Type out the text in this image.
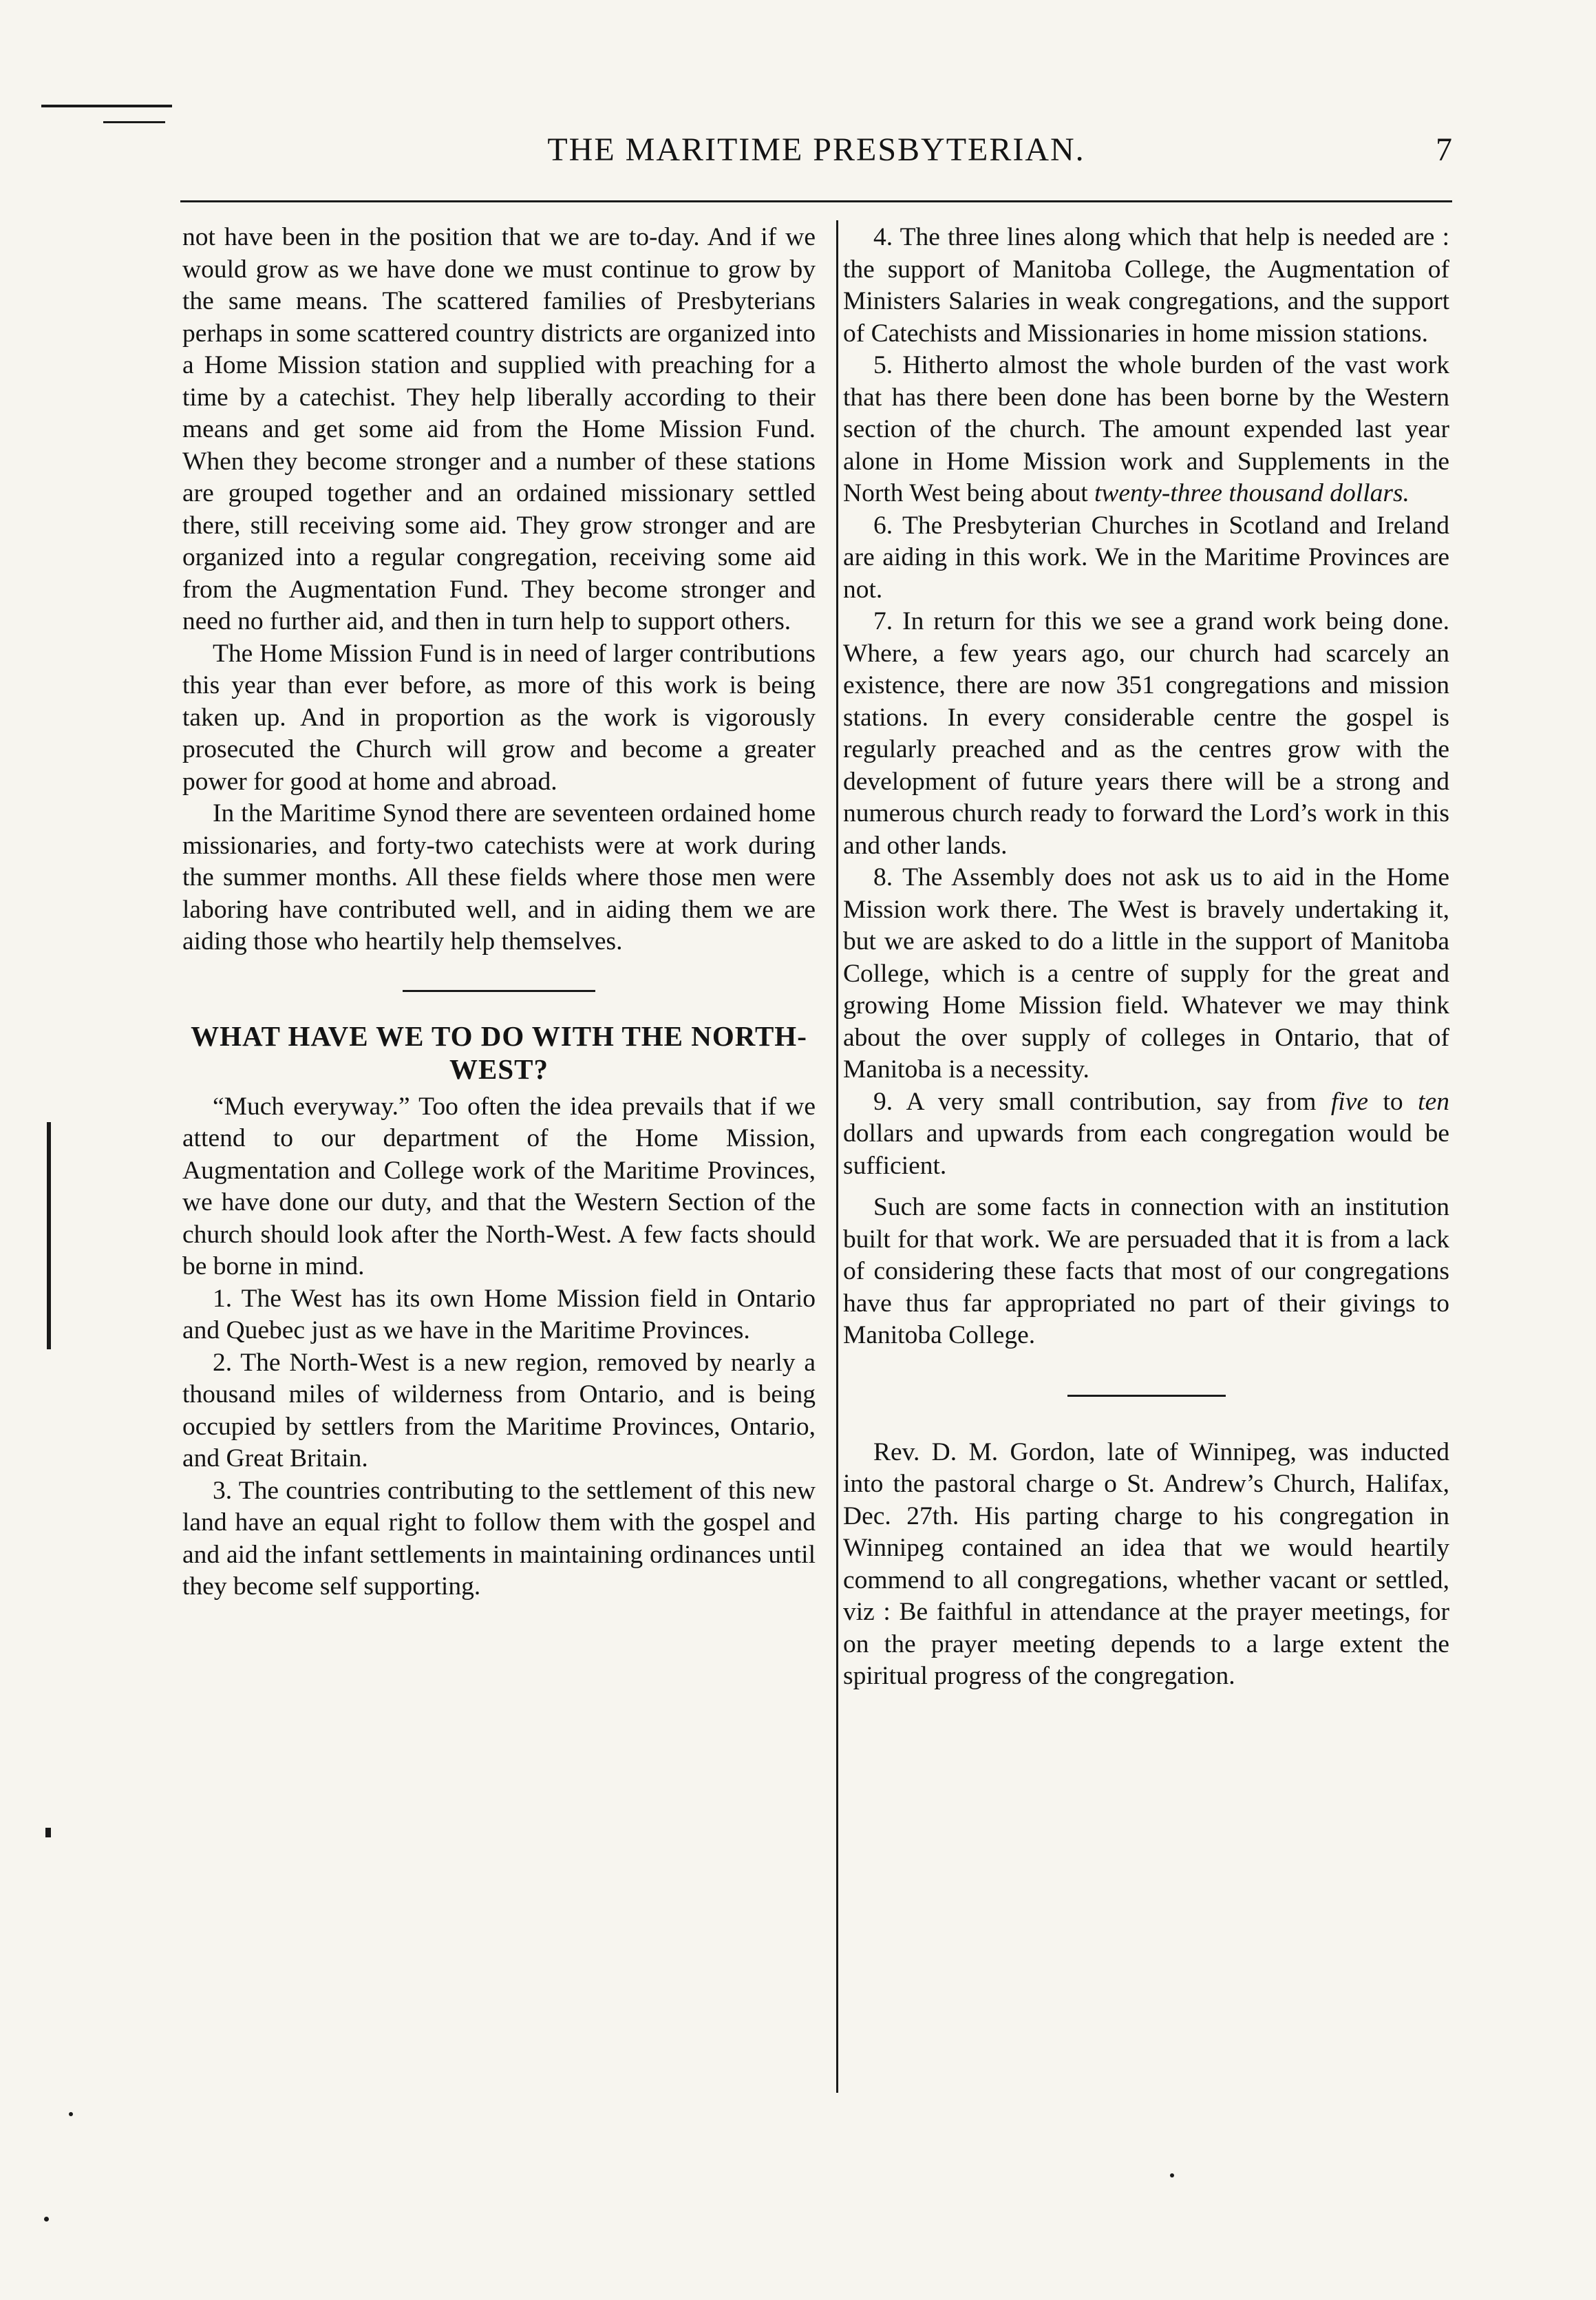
THE MARITIME PRESBYTERIAN.	7

not have been in the position that we are to-day. And if we would grow as we have done we must continue to grow by the same means. The scattered families of Presbyterians perhaps in some scattered country districts are organized into a Home Mission station and supplied with preaching for a time by a catechist. They help liberally according to their means and get some aid from the Home Mission Fund. When they become stronger and a number of these stations are grouped together and an ordained missionary settled there, still receiving some aid. They grow stronger and are organized into a regular congregation, receiving some aid from the Augmentation Fund. They become stronger and need no further aid, and then in turn help to support others.

The Home Mission Fund is in need of larger contributions this year than ever before, as more of this work is being taken up. And in proportion as the work is vigorously prosecuted the Church will grow and become a greater power for good at home and abroad.

In the Maritime Synod there are seventeen ordained home missionaries, and forty-two catechists were at work during the summer months. All these fields where those men were laboring have contributed well, and in aiding them we are aiding those who heartily help themselves.

WHAT HAVE WE TO DO WITH THE NORTH-WEST?

“Much everyway.” Too often the idea prevails that if we attend to our department of the Home Mission, Augmentation and College work of the Maritime Provinces, we have done our duty, and that the Western Section of the church should look after the North-West. A few facts should be borne in mind.

1. The West has its own Home Mission field in Ontario and Quebec just as we have in the Maritime Provinces.

2. The North-West is a new region, removed by nearly a thousand miles of wilderness from Ontario, and is being occupied by settlers from the Maritime Provinces, Ontario, and Great Britain.

3. The countries contributing to the settlement of this new land have an equal right to follow them with the gospel and and aid the infant settlements in maintaining ordinances until they become self supporting.

4. The three lines along which that help is needed are : the support of Manitoba College, the Augmentation of Ministers Salaries in weak congregations, and the support of Catechists and Missionaries in home mission stations.

5. Hitherto almost the whole burden of the vast work that has there been done has been borne by the Western section of the church. The amount expended last year alone in Home Mission work and Supplements in the North West being about twenty-three thousand dollars.

6. The Presbyterian Churches in Scotland and Ireland are aiding in this work. We in the Maritime Provinces are not.

7. In return for this we see a grand work being done. Where, a few years ago, our church had scarcely an existence, there are now 351 congregations and mission stations. In every considerable centre the gospel is regularly preached and as the centres grow with the development of future years there will be a strong and numerous church ready to forward the Lord’s work in this and other lands.

8. The Assembly does not ask us to aid in the Home Mission work there. The West is bravely undertaking it, but we are asked to do a little in the support of Manitoba College, which is a centre of supply for the great and growing Home Mission field. Whatever we may think about the over supply of colleges in Ontario, that of Manitoba is a necessity.

9. A very small contribution, say from five to ten dollars and upwards from each congregation would be sufficient.

Such are some facts in connection with an institution built for that work. We are persuaded that it is from a lack of considering these facts that most of our congregations have thus far appropriated no part of their givings to Manitoba College.

Rev. D. M. Gordon, late of Winnipeg, was inducted into the pastoral charge o St. Andrew’s Church, Halifax, Dec. 27th. His parting charge to his congregation in Winnipeg contained an idea that we would heartily commend to all congregations, whether vacant or settled, viz : Be faithful in attendance at the prayer meetings, for on the prayer meeting depends to a large extent the spiritual progress of the congregation.
